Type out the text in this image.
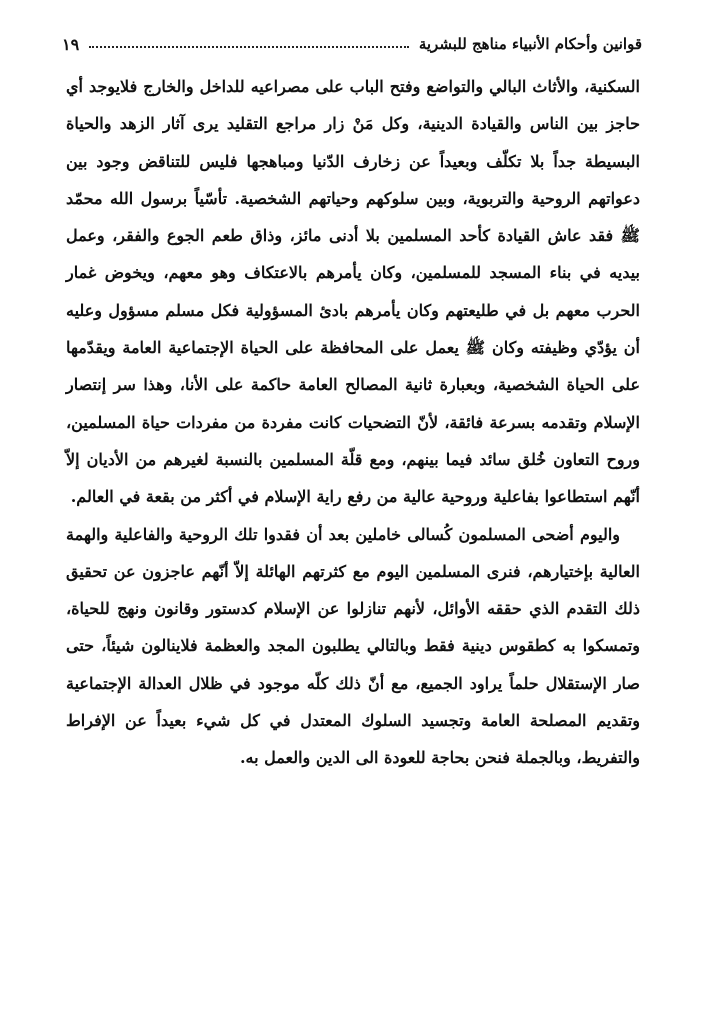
قوانين وأحكام الأنبياء مناهج للبشرية
١٩

السكنية، والأثاث البالي والتواضع وفتح الباب على مصراعيه للداخل والخارج فلايوجد أي حاجز بين الناس والقيادة الدينية، وكل مَنْ زار مراجع التقليد يرى آثار الزهد والحياة البسيطة جداً بلا تكلّف وبعيداً عن زخارف الدّنيا ومباهجها فليس للتناقض وجود بين دعواتهم الروحية والتربوية، وبين سلوكهم وحياتهم الشخصية. تأسّياً برسول الله محمّد ﷺ فقد عاش القيادة كأحد المسلمين بلا أدنى مائز، وذاق طعم الجوع والفقر، وعمل بيديه في بناء المسجد للمسلمين، وكان يأمرهم بالاعتكاف وهو معهم، ويخوض غمار الحرب معهم بل في طليعتهم وكان يأمرهم بادئ المسؤولية فكل مسلم مسؤول وعليه أن يؤدّي وظيفته وكان ﷺ يعمل على المحافظة على الحياة الإجتماعية العامة ويقدّمها على الحياة الشخصية، وبعبارة ثانية المصالح العامة حاكمة على الأنا، وهذا سر إنتصار الإسلام وتقدمه بسرعة فائقة، لأنّ التضحيات كانت مفردة من مفردات حياة المسلمين، وروح التعاون خُلق سائد فيما بينهم، ومع قلّة المسلمين بالنسبة لغيرهم من الأديان إلاّ أنّهم استطاعوا بفاعلية وروحية عالية من رفع راية الإسلام في أكثر من بقعة في العالم.

واليوم أضحى المسلمون كُسالى خاملين بعد أن فقدوا تلك الروحية والفاعلية والهمة العالية بإختيارهم، فنرى المسلمين اليوم مع كثرتهم الهائلة إلاّ أنّهم عاجزون عن تحقيق ذلك التقدم الذي حققه الأوائل، لأنهم تنازلوا عن الإسلام كدستور وقانون ونهج للحياة، وتمسكوا به كطقوس دينية فقط وبالتالي يطلبون المجد والعظمة فلاينالون شيئاً، حتى صار الإستقلال حلماً يراود الجميع، مع أنّ ذلك كلّه موجود في ظلال العدالة الإجتماعية وتقديم المصلحة العامة وتجسيد السلوك المعتدل في كل شيء بعيداً عن الإفراط والتفريط، وبالجملة فنحن بحاجة للعودة الى الدين والعمل به.
